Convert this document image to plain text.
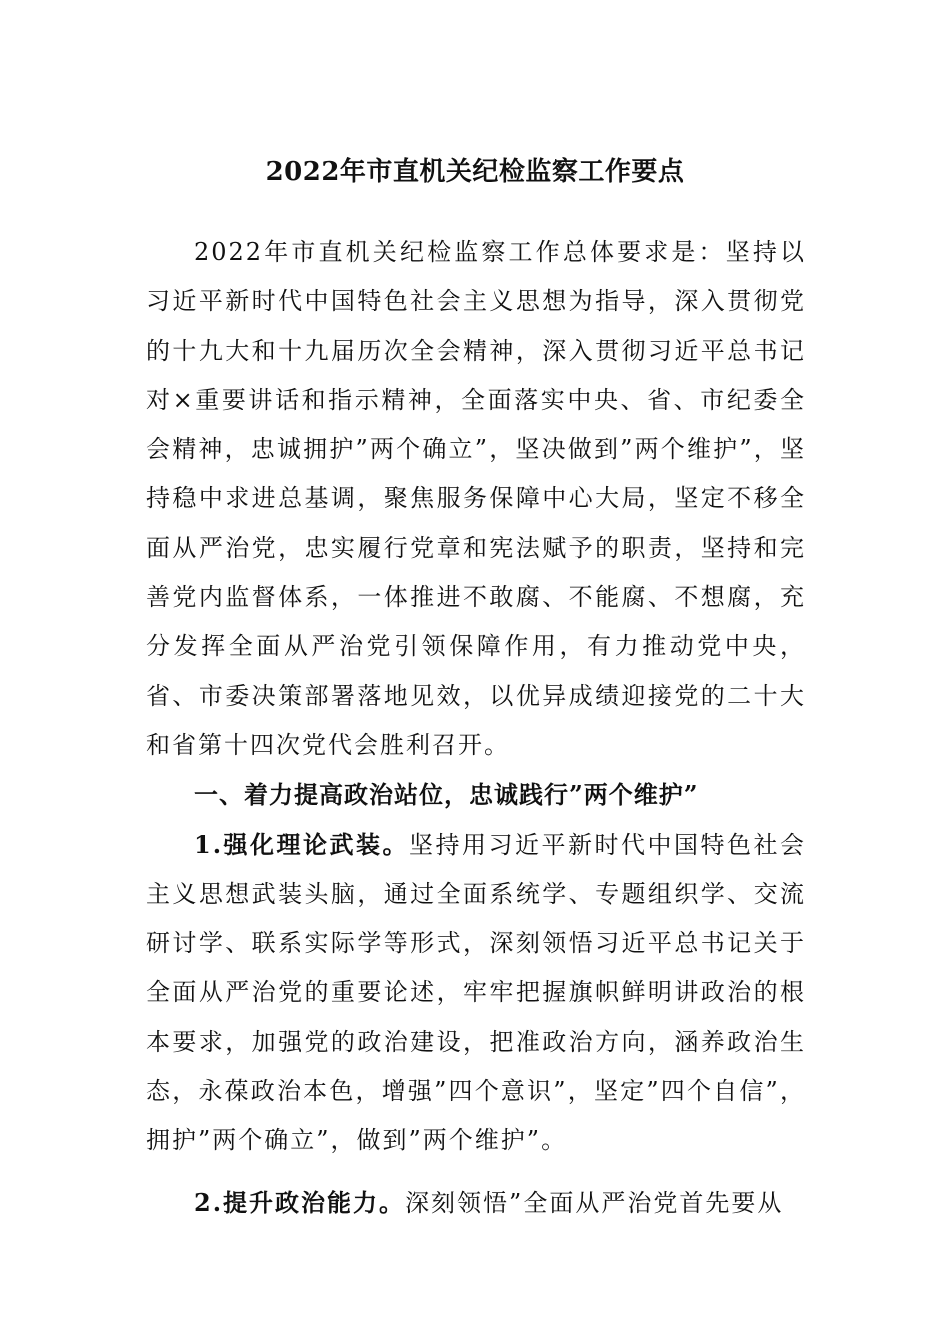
2022年市直机关纪检监察工作要点

2022年市直机关纪检监察工作总体要求是：坚持以习近平新时代中国特色社会主义思想为指导，深入贯彻党的十九大和十九届历次全会精神，深入贯彻习近平总书记对×重要讲话和指示精神，全面落实中央、省、市纪委全会精神，忠诚拥护”两个确立”，坚决做到”两个维护”，坚持稳中求进总基调，聚焦服务保障中心大局，坚定不移全面从严治党，忠实履行党章和宪法赋予的职责，坚持和完善党内监督体系，一体推进不敢腐、不能腐、不想腐，充分发挥全面从严治党引领保障作用，有力推动党中央，省、市委决策部署落地见效，以优异成绩迎接党的二十大和省第十四次党代会胜利召开。

一、着力提高政治站位，忠诚践行”两个维护”

1.强化理论武装。坚持用习近平新时代中国特色社会主义思想武装头脑，通过全面系统学、专题组织学、交流研讨学、联系实际学等形式，深刻领悟习近平总书记关于全面从严治党的重要论述，牢牢把握旗帜鲜明讲政治的根本要求，加强党的政治建设，把准政治方向，涵养政治生态，永葆政治本色，增强”四个意识”，坚定”四个自信”，拥护”两个确立”，做到”两个维护”。

2.提升政治能力。深刻领悟”全面从严治党首先要从
